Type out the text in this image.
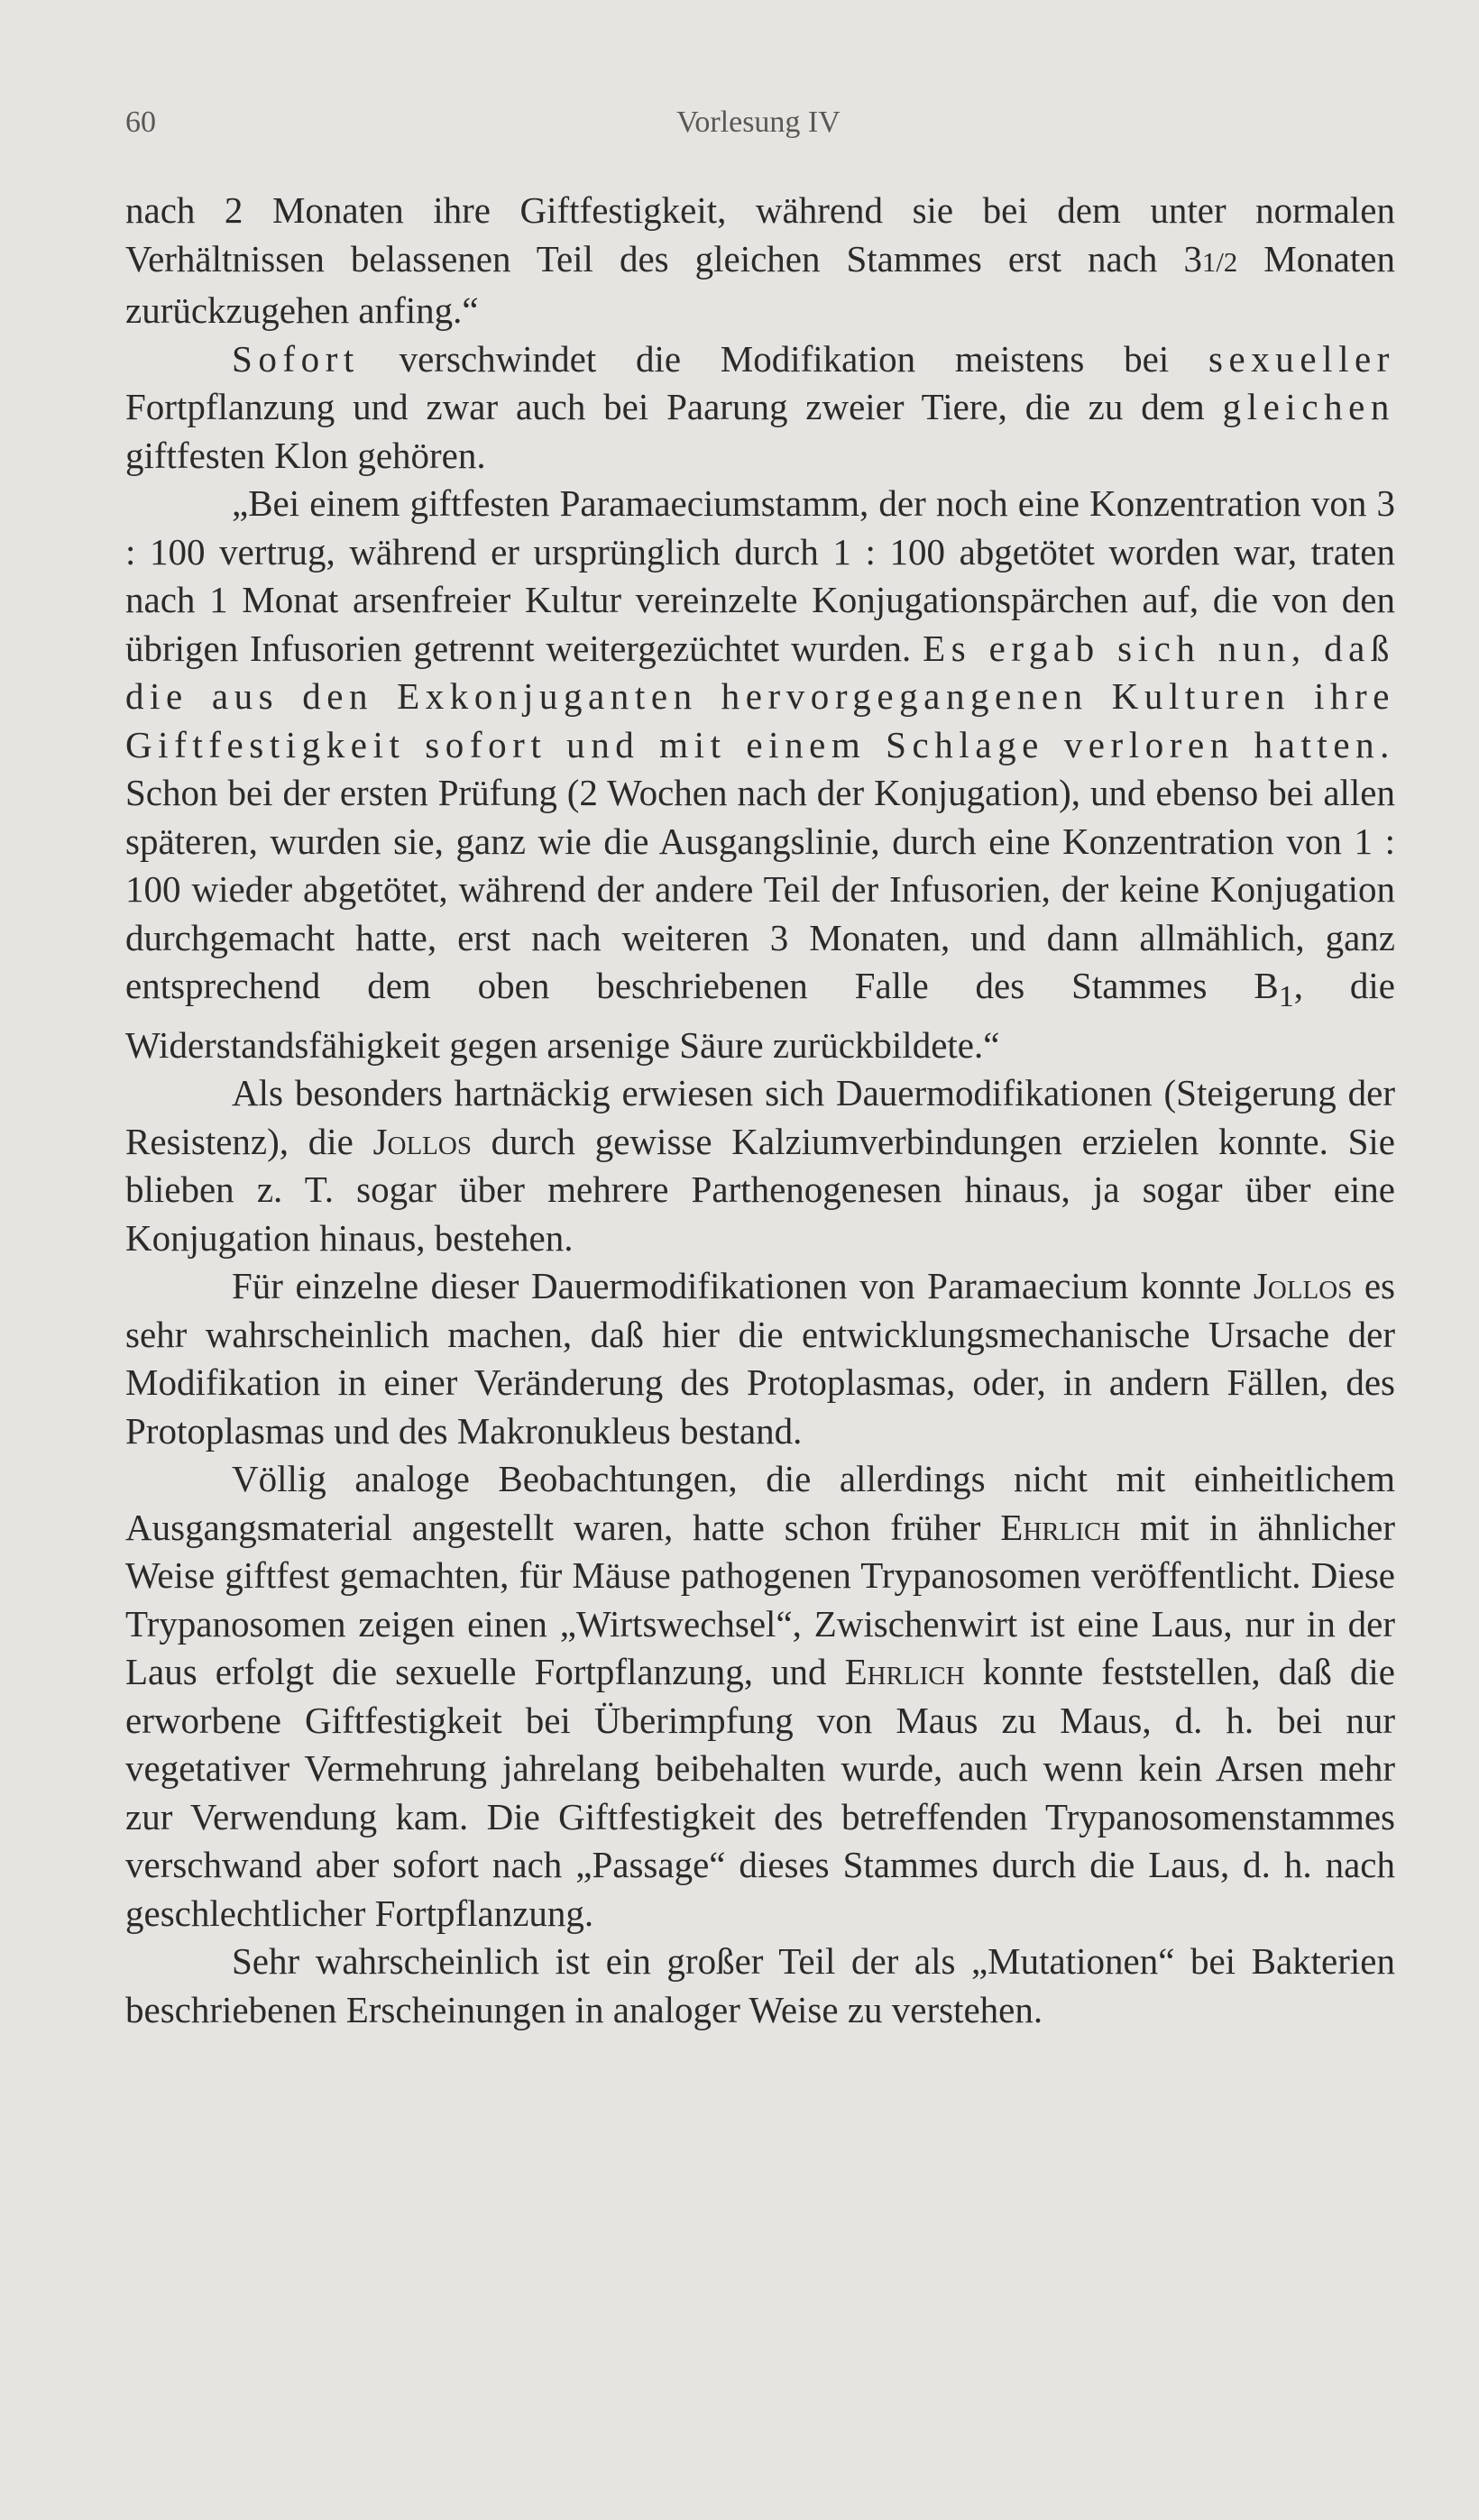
60	Vorlesung IV

nach 2 Monaten ihre Giftfestigkeit, während sie bei dem unter normalen Verhältnissen belassenen Teil des gleichen Stammes erst nach 31/2 Monaten zurückzugehen anfing.“

Sofort verschwindet die Modifikation meistens bei sexueller Fortpflanzung und zwar auch bei Paarung zweier Tiere, die zu dem gleichen giftfesten Klon gehören.

„Bei einem giftfesten Paramaeciumstamm, der noch eine Konzentration von 3 : 100 vertrug, während er ursprünglich durch 1 : 100 abgetötet worden war, traten nach 1 Monat arsenfreier Kultur vereinzelte Konjugationspärchen auf, die von den übrigen Infusorien getrennt weitergezüchtet wurden. Es ergab sich nun, daß die aus den Exkonjuganten hervorgegangenen Kulturen ihre Giftfestigkeit sofort und mit einem Schlage verloren hatten. Schon bei der ersten Prüfung (2 Wochen nach der Konjugation), und ebenso bei allen späteren, wurden sie, ganz wie die Ausgangslinie, durch eine Konzentration von 1 : 100 wieder abgetötet, während der andere Teil der Infusorien, der keine Konjugation durchgemacht hatte, erst nach weiteren 3 Monaten, und dann allmählich, ganz entsprechend dem oben beschriebenen Falle des Stammes $B_1$, die Widerstandsfähigkeit gegen arsenige Säure zurückbildete.“

Als besonders hartnäckig erwiesen sich Dauermodifikationen (Steigerung der Resistenz), die Jollos durch gewisse Kalziumverbindungen erzielen konnte. Sie blieben z. T. sogar über mehrere Parthenogenesen hinaus, ja sogar über eine Konjugation hinaus, bestehen.

Für einzelne dieser Dauermodifikationen von Paramaecium konnte Jollos es sehr wahrscheinlich machen, daß hier die entwicklungsmechanische Ursache der Modifikation in einer Veränderung des Protoplasmas, oder, in andern Fällen, des Protoplasmas und des Makronukleus bestand.

Völlig analoge Beobachtungen, die allerdings nicht mit einheitlichem Ausgangsmaterial angestellt waren, hatte schon früher Ehrlich mit in ähnlicher Weise giftfest gemachten, für Mäuse pathogenen Trypanosomen veröffentlicht. Diese Trypanosomen zeigen einen „Wirtswechsel“, Zwischenwirt ist eine Laus, nur in der Laus erfolgt die sexuelle Fortpflanzung, und Ehrlich konnte feststellen, daß die erworbene Giftfestigkeit bei Überimpfung von Maus zu Maus, d. h. bei nur vegetativer Vermehrung jahrelang beibehalten wurde, auch wenn kein Arsen mehr zur Verwendung kam. Die Giftfestigkeit des betreffenden Trypanosomenstammes verschwand aber sofort nach „Passage“ dieses Stammes durch die Laus, d. h. nach geschlechtlicher Fortpflanzung.

Sehr wahrscheinlich ist ein großer Teil der als „Mutationen“ bei Bakterien beschriebenen Erscheinungen in analoger Weise zu verstehen.
